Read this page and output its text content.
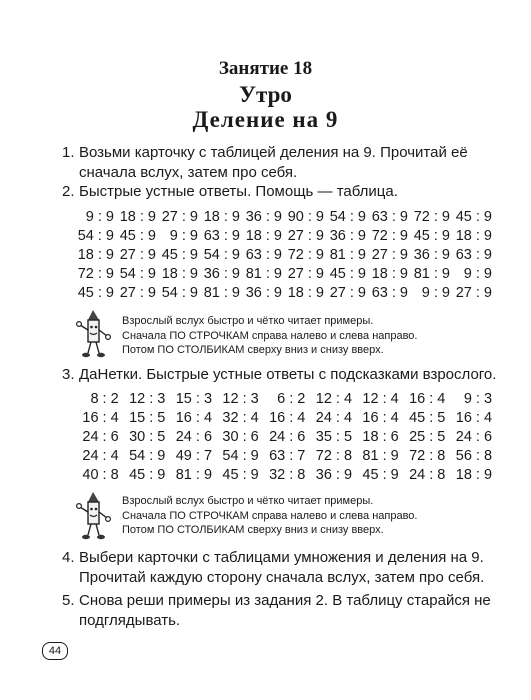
Занятие 18
Утро
Деление на 9
1. Возьми карточку с таблицей деления на 9. Прочитай её сначала вслух, затем про себя.
2. Быстрые устные ответы. Помощь — таблица.
9 : 9 18 : 9 27 : 9 18 : 9 36 : 9 90 : 9 54 : 9 63 : 9 72 : 9 45 : 9
54 : 9 45 : 9 9 : 9 63 : 9 18 : 9 27 : 9 36 : 9 72 : 9 45 : 9 18 : 9
18 : 9 27 : 9 45 : 9 54 : 9 63 : 9 72 : 9 81 : 9 27 : 9 36 : 9 63 : 9
72 : 9 54 : 9 18 : 9 36 : 9 81 : 9 27 : 9 45 : 9 18 : 9 81 : 9 9 : 9
45 : 9 27 : 9 54 : 9 81 : 9 36 : 9 18 : 9 27 : 9 63 : 9 9 : 9 27 : 9
Взрослый вслух быстро и чётко читает примеры.
Сначала ПО СТРОЧКАМ справа налево и слева направо.
Потом ПО СТОЛБИКАМ сверху вниз и снизу вверх.
3. ДаНетки. Быстрые устные ответы с подсказками взрослого.
8 : 2 12 : 3 15 : 3 12 : 3	6 : 2 12 : 4 12 : 4 16 : 4	9 : 3
16 : 4 15 : 5 16 : 4 32 : 4 16 : 4 24 : 4 16 : 4 45 : 5 16 : 4
24 : 6 30 : 5 24 : 6 30 : 6 24 : 6 35 : 5 18 : 6 25 : 5 24 : 6
24 : 4 54 : 9 49 : 7 54 : 9 63 : 7 72 : 8 81 : 9 72 : 8 56 : 8
40 : 8 45 : 9 81 : 9 45 : 9 32 : 8 36 : 9 45 : 9 24 : 8 18 : 9
Взрослый вслух быстро и чётко читает примеры.
Сначала ПО СТРОЧКАМ справа налево и слева направо.
Потом ПО СТОЛБИКАМ сверху вниз и снизу вверх.
4. Выбери карточки с таблицами умножения и деления на 9. Прочитай каждую сторону сначала вслух, затем про себя.
5. Снова реши примеры из задания 2. В таблицу старайся не подглядывать.
44
